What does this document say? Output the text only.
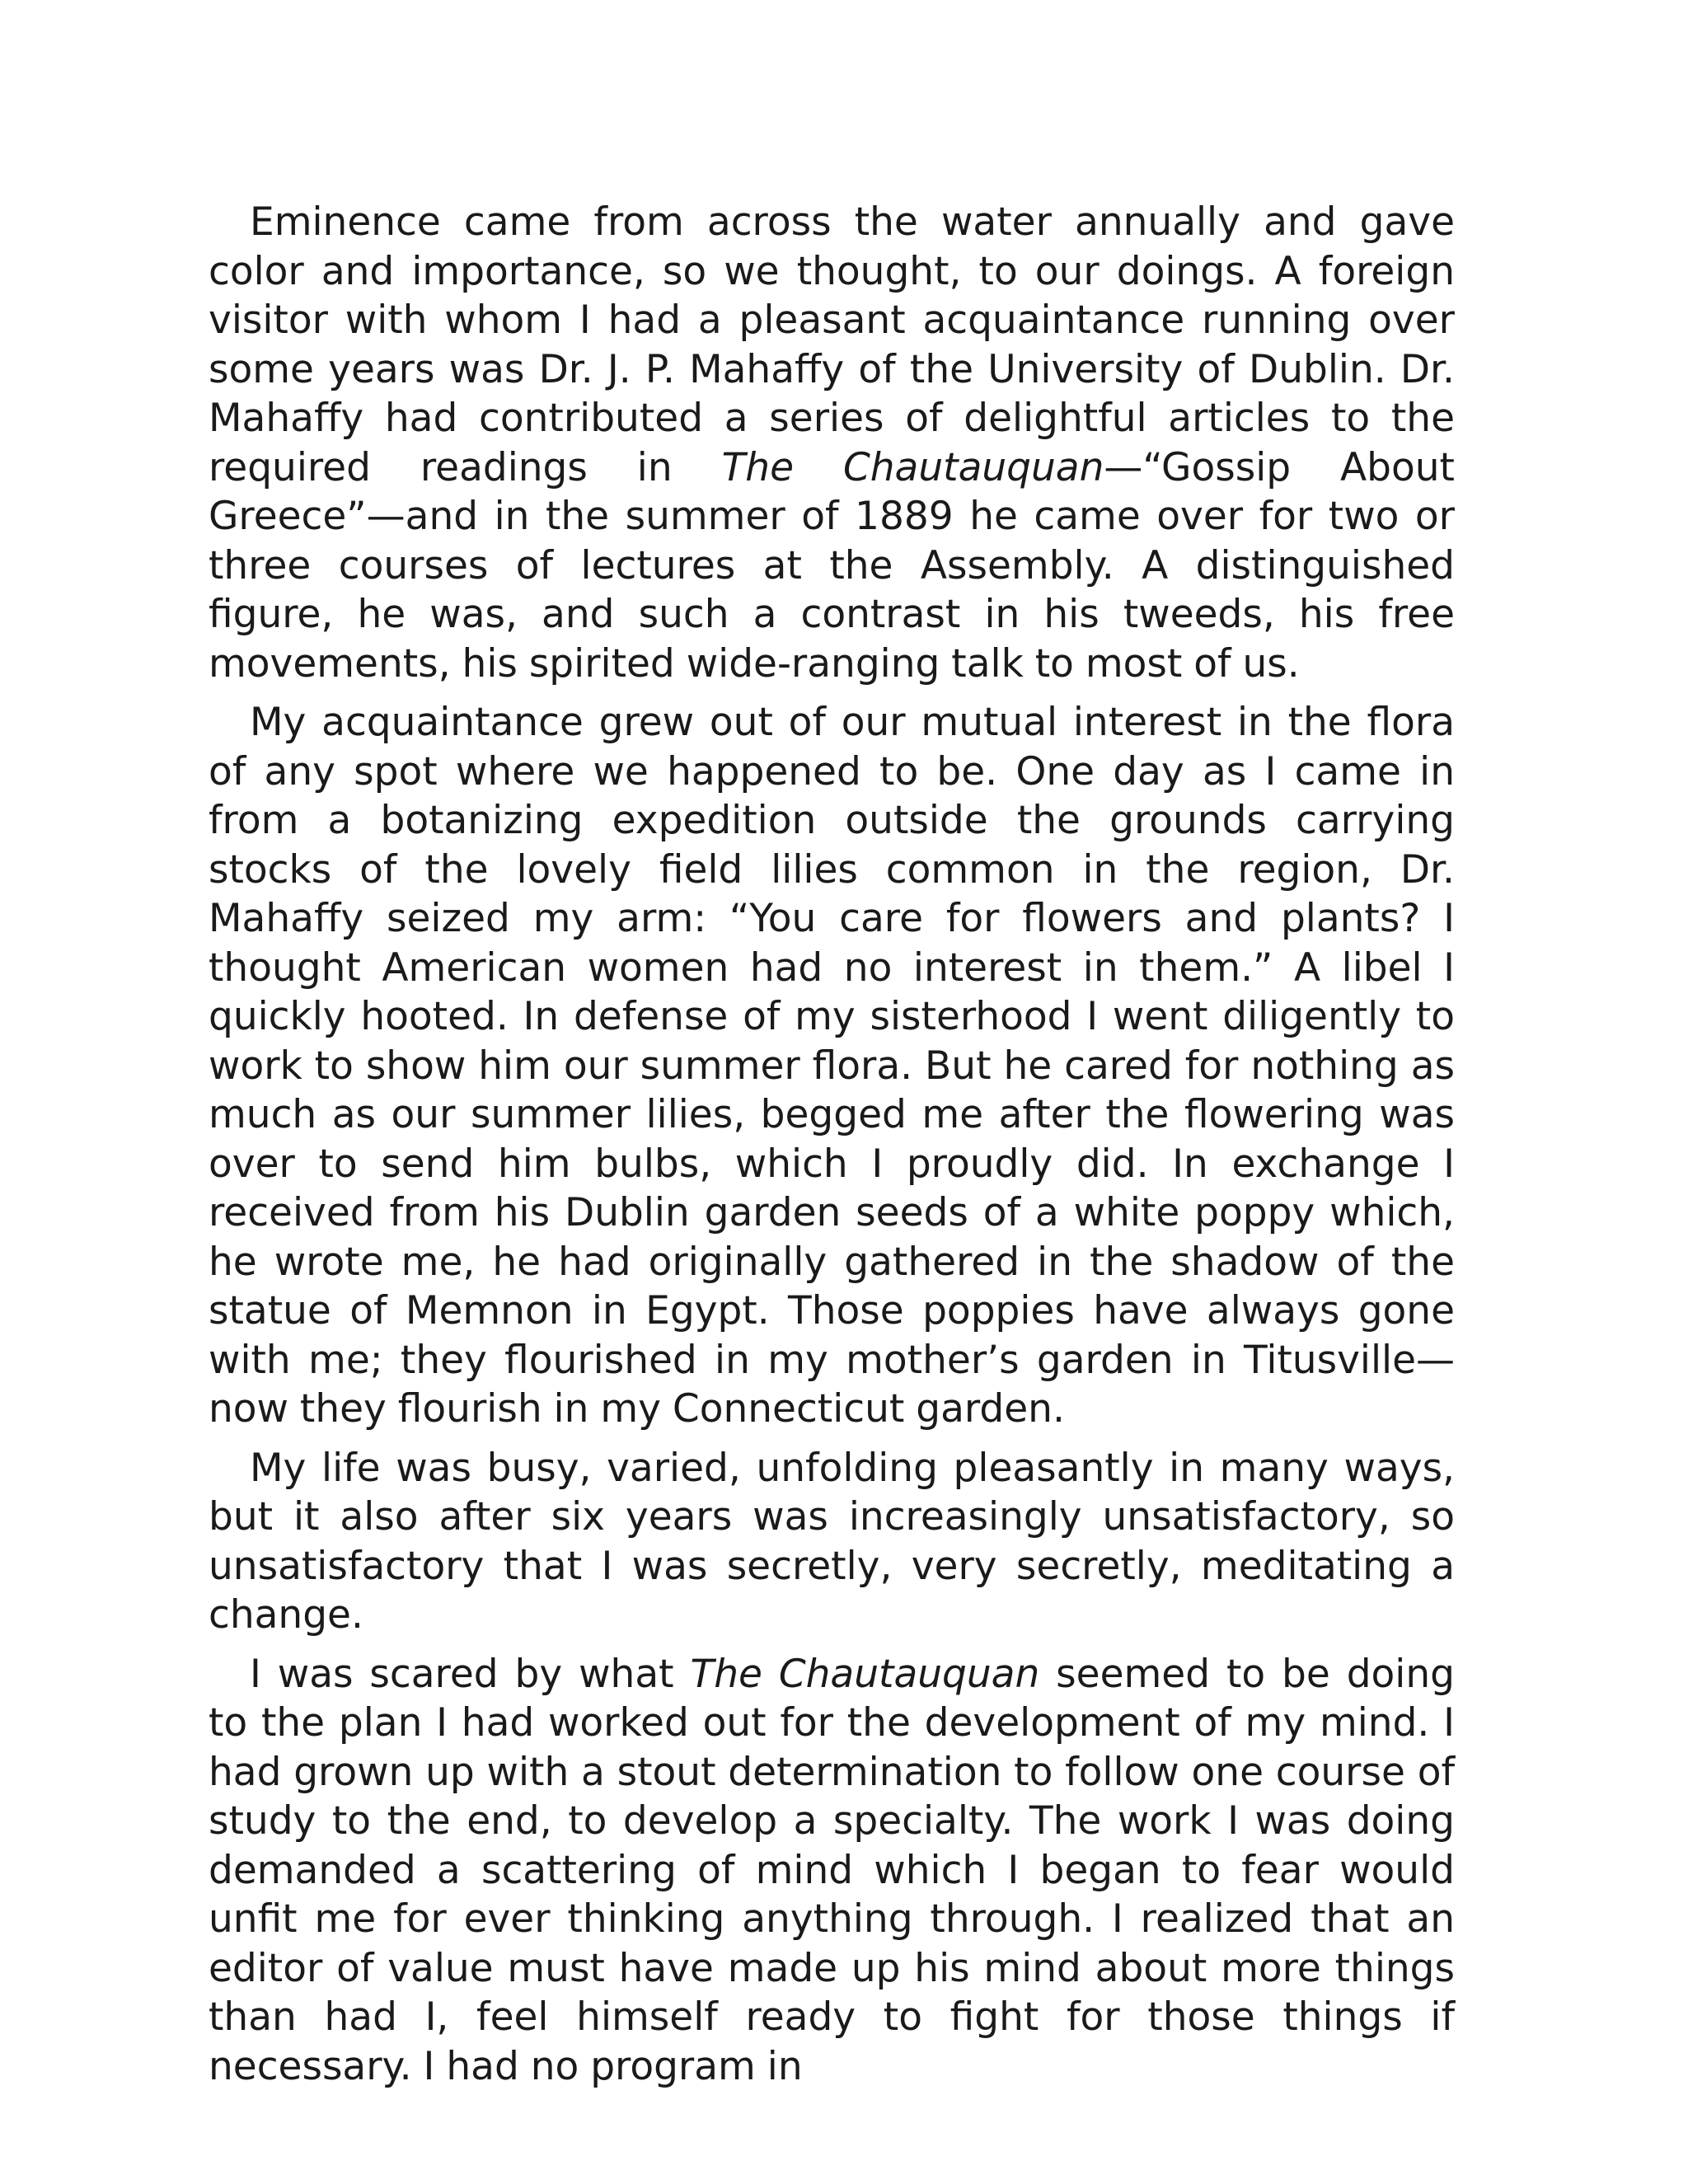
Eminence came from across the water annually and gave color and importance, so we thought, to our doings. A foreign visitor with whom I had a pleasant acquaintance running over some years was Dr. J. P. Mahaffy of the University of Dublin. Dr. Mahaffy had contributed a series of delightful articles to the required readings in The Chautauquan—“Gossip About Greece”—and in the summer of 1889 he came over for two or three courses of lectures at the Assembly. A distinguished figure, he was, and such a contrast in his tweeds, his free movements, his spirited wide-ranging talk to most of us.

My acquaintance grew out of our mutual interest in the flora of any spot where we happened to be. One day as I came in from a botanizing expedition outside the grounds carrying stocks of the lovely field lilies common in the region, Dr. Mahaffy seized my arm: “You care for flowers and plants? I thought American women had no interest in them.” A libel I quickly hooted. In defense of my sisterhood I went diligently to work to show him our summer flora. But he cared for nothing as much as our summer lilies, begged me after the flowering was over to send him bulbs, which I proudly did. In exchange I received from his Dublin garden seeds of a white poppy which, he wrote me, he had originally gathered in the shadow of the statue of Memnon in Egypt. Those poppies have always gone with me; they flourished in my mother’s garden in Titusville—now they flourish in my Connecticut garden.

My life was busy, varied, unfolding pleasantly in many ways, but it also after six years was increasingly unsatisfactory, so unsatisfactory that I was secretly, very secretly, meditating a change.

I was scared by what The Chautauquan seemed to be doing to the plan I had worked out for the development of my mind. I had grown up with a stout determination to follow one course of study to the end, to develop a specialty. The work I was doing demanded a scattering of mind which I began to fear would unfit me for ever thinking anything through. I realized that an editor of value must have made up his mind about more things than had I, feel himself ready to fight for those things if necessary. I had no program in
